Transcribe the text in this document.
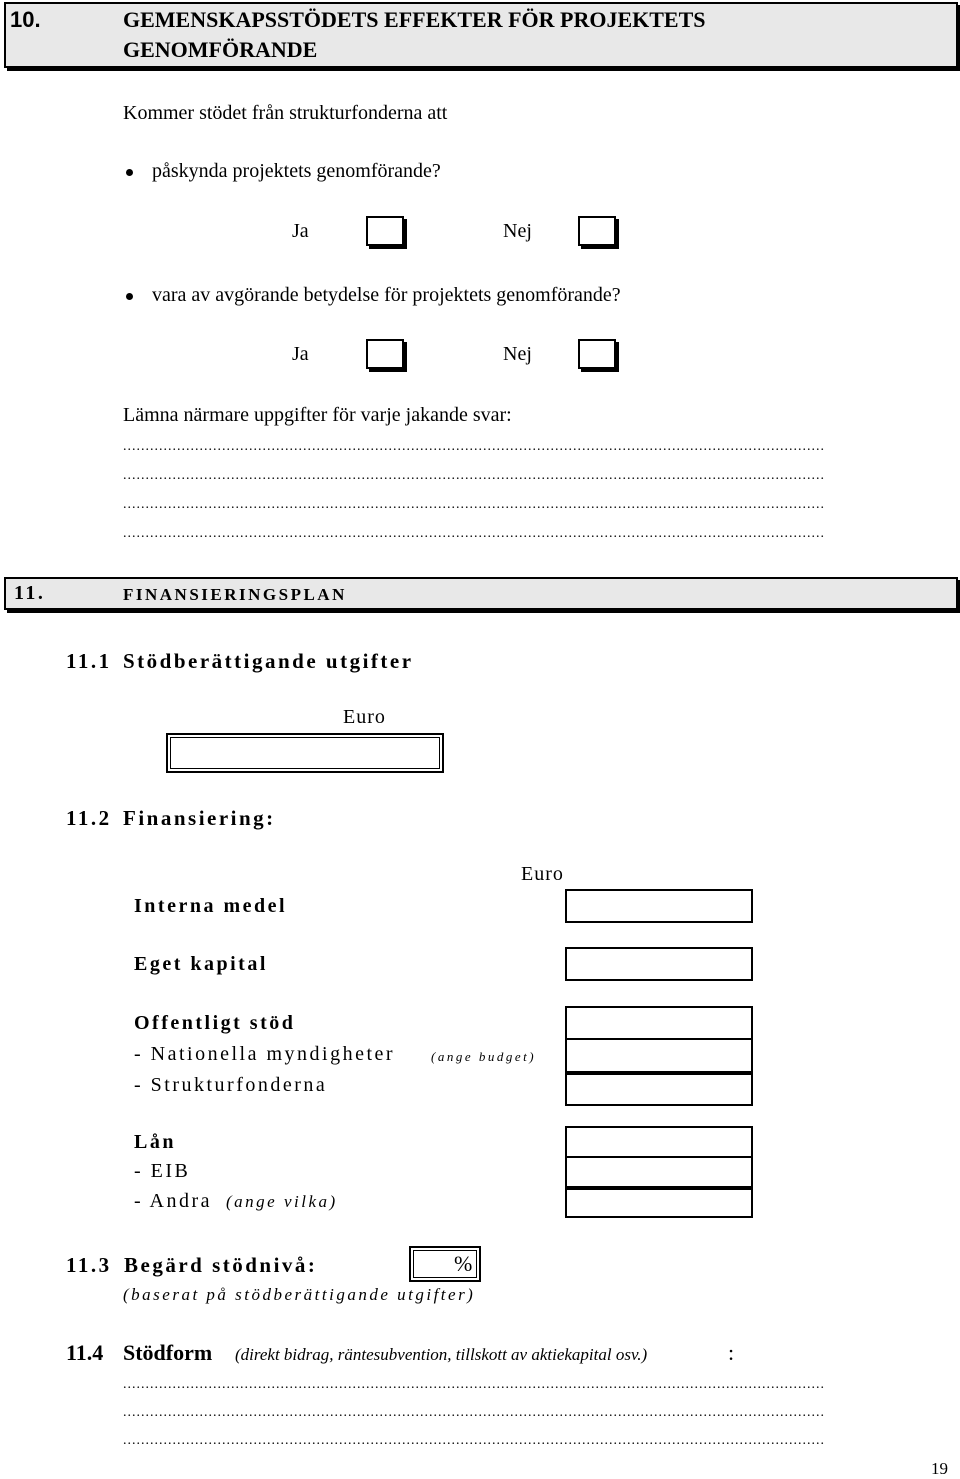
10.	GEMENSKAPSSTÖDETS EFFEKTER FÖR PROJEKTETS
GENOMFÖRANDE
Kommer stödet från strukturfonderna att
påskynda projektets genomförande?
Ja	Nej
vara av avgörande betydelse för projektets genomförande?
Ja	Nej
Lämna närmare uppgifter för varje jakande svar:
............................................................................................................................................................
............................................................................................................................................................
............................................................................................................................................................
............................................................................................................................................................
11.	FINANSIERINGSPLAN
11.1 Stödberättigande utgifter
Euro
11.2 Finansiering:
Euro
Interna medel
Eget kapital
Offentligt stöd
- Nationella myndigheter	(ange budget)
- Strukturfonderna
Lån
- EIB
- Andra (ange vilka)
11.3 Begärd stödnivå:	%
(baserat på stödberättigande utgifter)
11.4 Stödform (direkt bidrag, räntesubvention, tillskott av aktiekapital osv.)	:
............................................................................................................................................................
............................................................................................................................................................
............................................................................................................................................................
19
